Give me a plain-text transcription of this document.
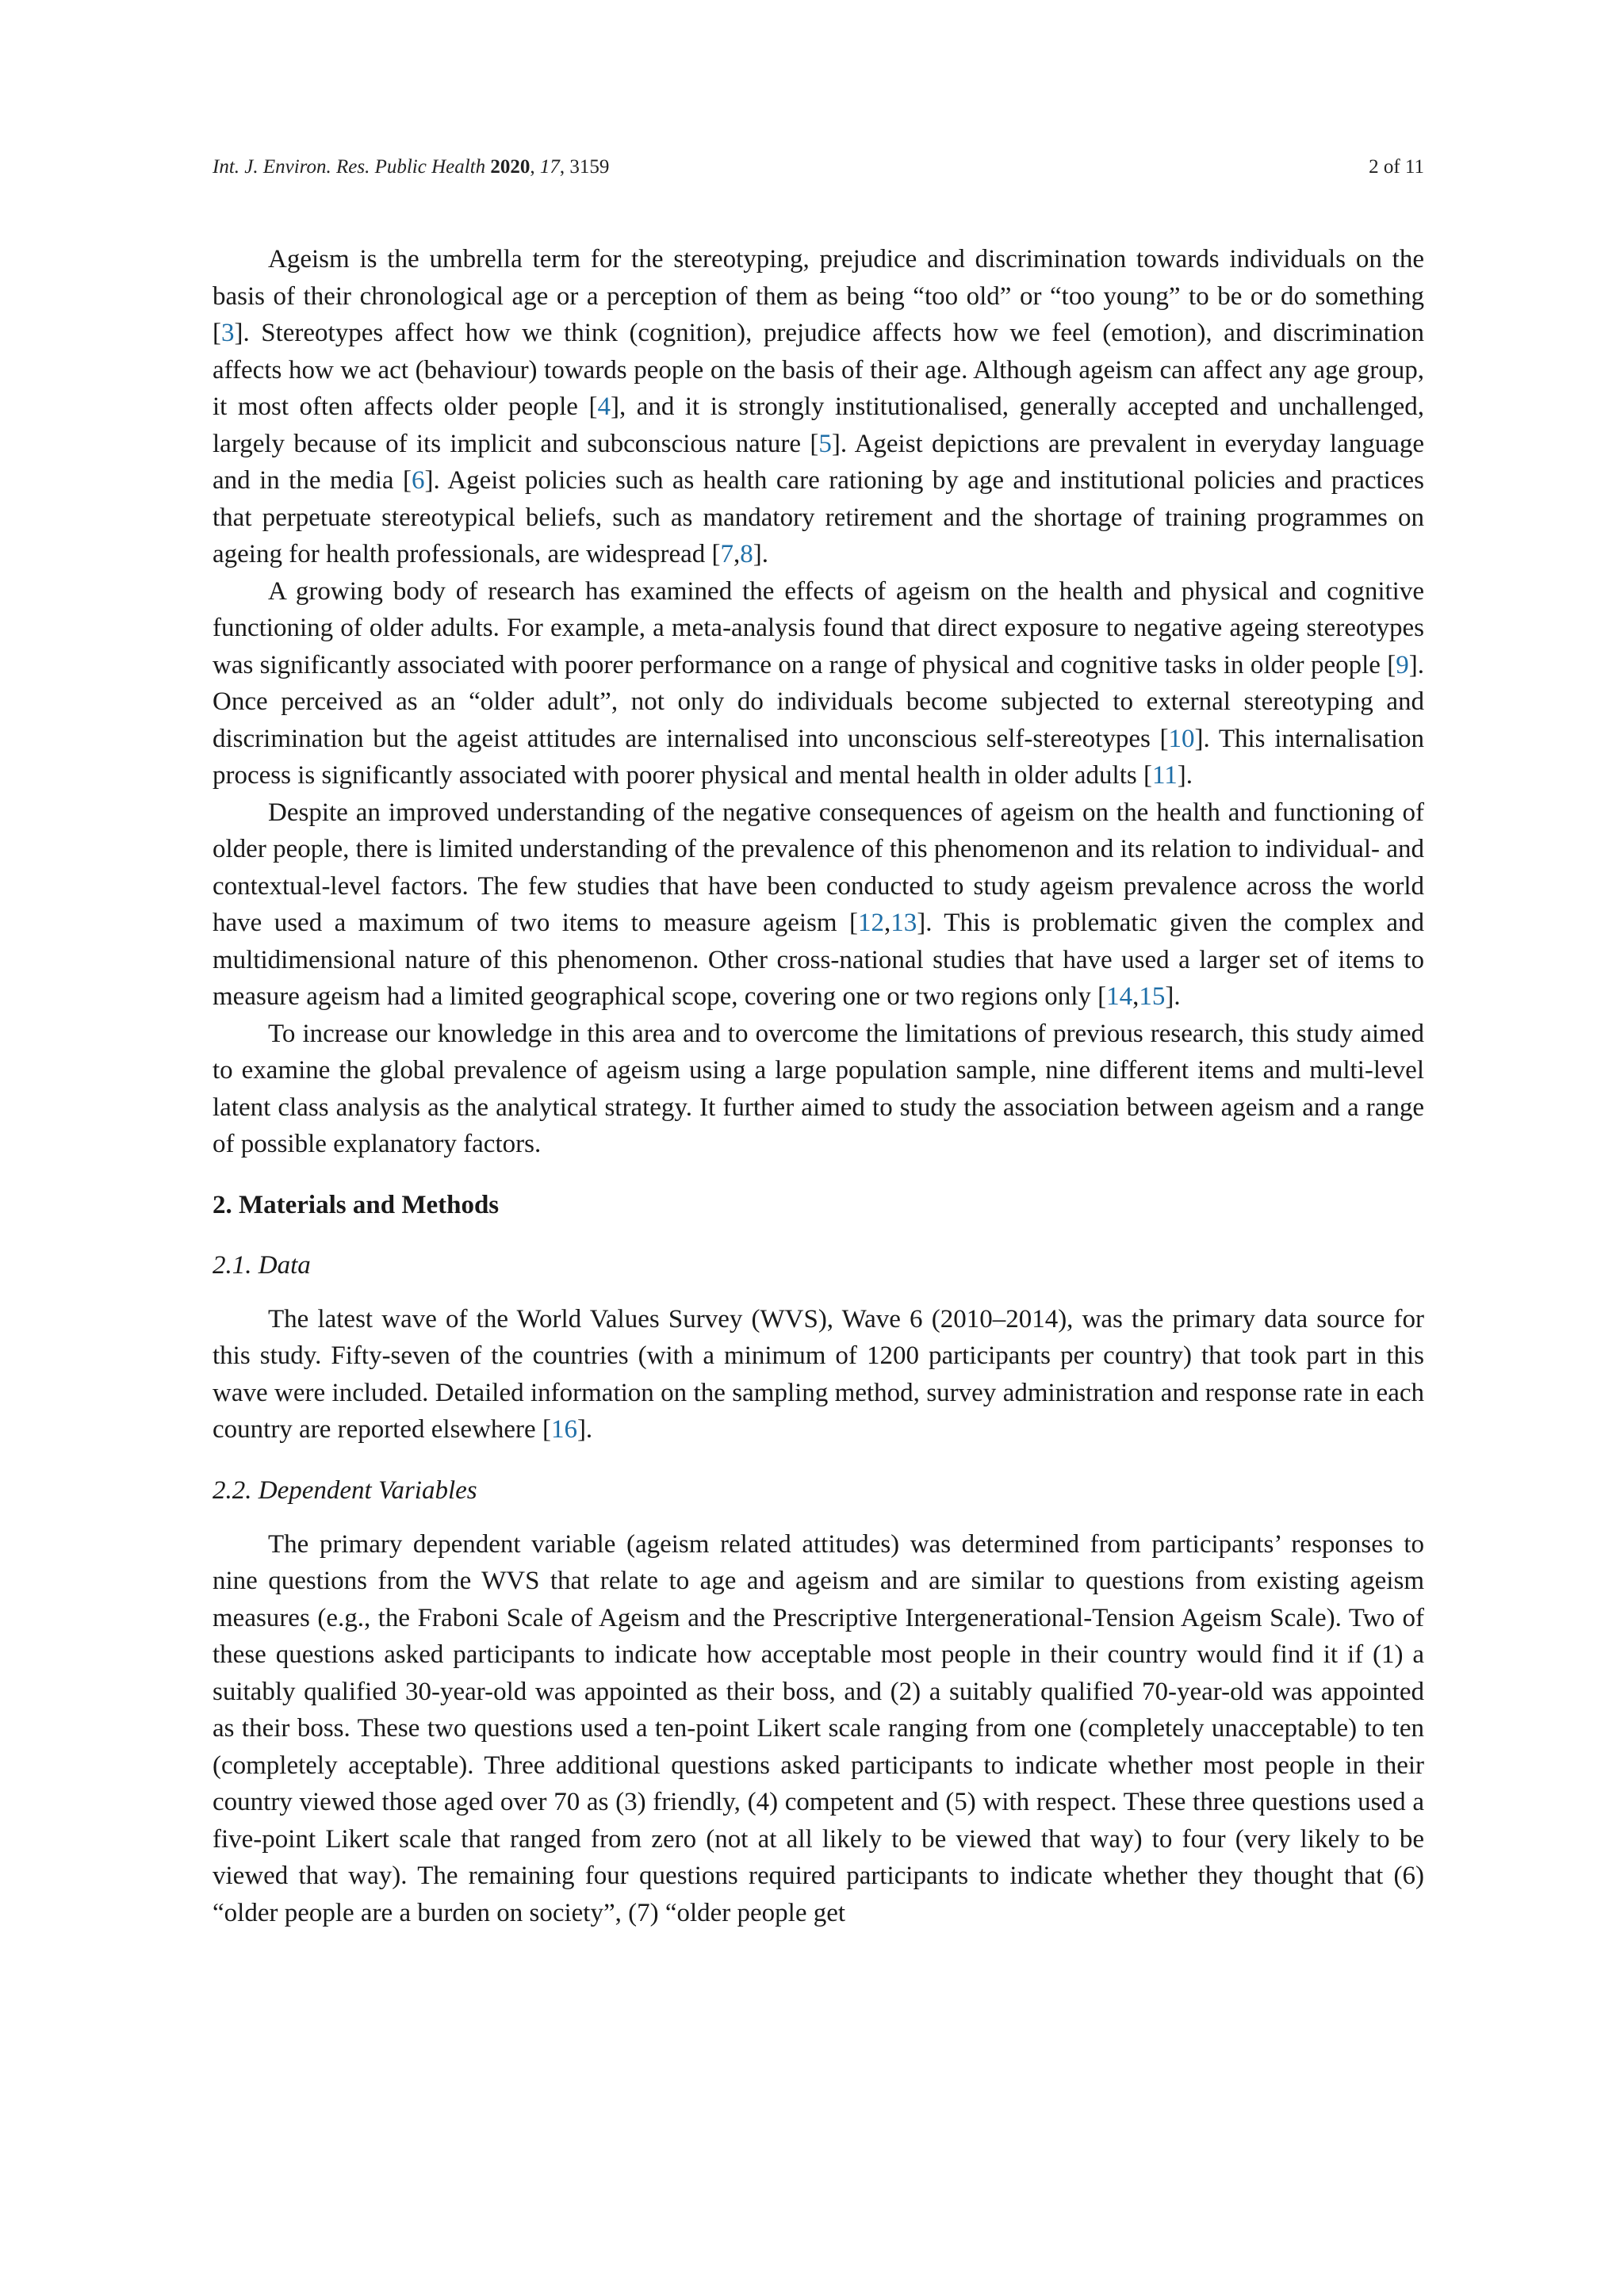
Int. J. Environ. Res. Public Health 2020, 17, 3159	2 of 11

Ageism is the umbrella term for the stereotyping, prejudice and discrimination towards individuals on the basis of their chronological age or a perception of them as being “too old” or “too young” to be or do something [3]. Stereotypes affect how we think (cognition), prejudice affects how we feel (emotion), and discrimination affects how we act (behaviour) towards people on the basis of their age. Although ageism can affect any age group, it most often affects older people [4], and it is strongly institutionalised, generally accepted and unchallenged, largely because of its implicit and subconscious nature [5]. Ageist depictions are prevalent in everyday language and in the media [6]. Ageist policies such as health care rationing by age and institutional policies and practices that perpetuate stereotypical beliefs, such as mandatory retirement and the shortage of training programmes on ageing for health professionals, are widespread [7,8].

A growing body of research has examined the effects of ageism on the health and physical and cognitive functioning of older adults. For example, a meta-analysis found that direct exposure to negative ageing stereotypes was significantly associated with poorer performance on a range of physical and cognitive tasks in older people [9]. Once perceived as an “older adult”, not only do individuals become subjected to external stereotyping and discrimination but the ageist attitudes are internalised into unconscious self-stereotypes [10]. This internalisation process is significantly associated with poorer physical and mental health in older adults [11].

Despite an improved understanding of the negative consequences of ageism on the health and functioning of older people, there is limited understanding of the prevalence of this phenomenon and its relation to individual- and contextual-level factors. The few studies that have been conducted to study ageism prevalence across the world have used a maximum of two items to measure ageism [12,13]. This is problematic given the complex and multidimensional nature of this phenomenon. Other cross-national studies that have used a larger set of items to measure ageism had a limited geographical scope, covering one or two regions only [14,15].

To increase our knowledge in this area and to overcome the limitations of previous research, this study aimed to examine the global prevalence of ageism using a large population sample, nine different items and multi-level latent class analysis as the analytical strategy. It further aimed to study the association between ageism and a range of possible explanatory factors.

2. Materials and Methods
2.1. Data

The latest wave of the World Values Survey (WVS), Wave 6 (2010–2014), was the primary data source for this study. Fifty-seven of the countries (with a minimum of 1200 participants per country) that took part in this wave were included. Detailed information on the sampling method, survey administration and response rate in each country are reported elsewhere [16].

2.2. Dependent Variables

The primary dependent variable (ageism related attitudes) was determined from participants’ responses to nine questions from the WVS that relate to age and ageism and are similar to questions from existing ageism measures (e.g., the Fraboni Scale of Ageism and the Prescriptive Intergenerational-Tension Ageism Scale). Two of these questions asked participants to indicate how acceptable most people in their country would find it if (1) a suitably qualified 30-year-old was appointed as their boss, and (2) a suitably qualified 70-year-old was appointed as their boss. These two questions used a ten-point Likert scale ranging from one (completely unacceptable) to ten (completely acceptable). Three additional questions asked participants to indicate whether most people in their country viewed those aged over 70 as (3) friendly, (4) competent and (5) with respect. These three questions used a five-point Likert scale that ranged from zero (not at all likely to be viewed that way) to four (very likely to be viewed that way). The remaining four questions required participants to indicate whether they thought that (6) “older people are a burden on society”, (7) “older people get
